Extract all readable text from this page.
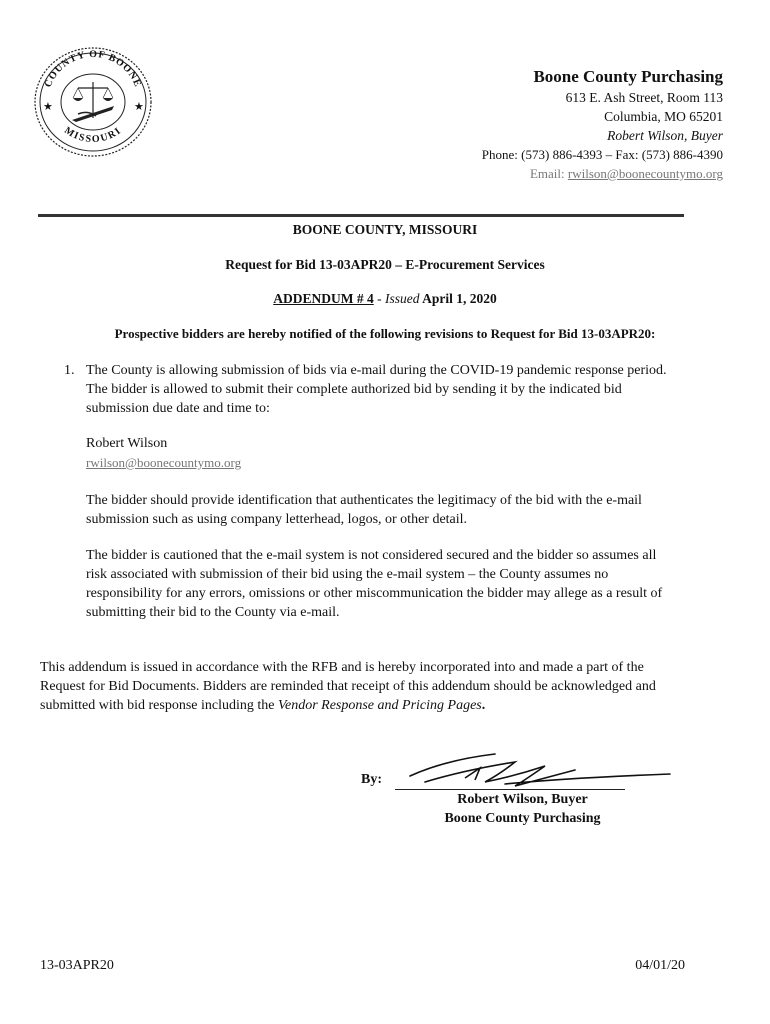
COUNTY OF BOONE
MISSOURI
★	★
Boone County Purchasing
613 E. Ash Street, Room 113
Columbia, MO 65201
Robert Wilson, Buyer
Phone: (573) 886-4393 – Fax: (573) 886-4390
Email: rwilson@boonecountymo.org
BOONE COUNTY, MISSOURI
Request for Bid 13-03APR20 – E-Procurement Services
ADDENDUM # 4 - Issued April 1, 2020
Prospective bidders are hereby notified of the following revisions to Request for Bid 13-03APR20:
1. The County is allowing submission of bids via e-mail during the COVID-19 pandemic response period.
The bidder is allowed to submit their complete authorized bid by sending it by the indicated bid
submission due date and time to:
Robert Wilson
rwilson@boonecountymo.org
The bidder should provide identification that authenticates the legitimacy of the bid with the e-mail
submission such as using company letterhead, logos, or other detail.
The bidder is cautioned that the e-mail system is not considered secured and the bidder so assumes all
risk associated with submission of their bid using the e-mail system – the County assumes no
responsibility for any errors, omissions or other miscommunication the bidder may allege as a result of
submitting their bid to the County via e-mail.
This addendum is issued in accordance with the RFB and is hereby incorporated into and made a part of the
Request for Bid Documents. Bidders are reminded that receipt of this addendum should be acknowledged and
submitted with bid response including the Vendor Response and Pricing Pages.
By:
Robert Wilson, Buyer
Boone County Purchasing
13-03APR20	04/01/20
